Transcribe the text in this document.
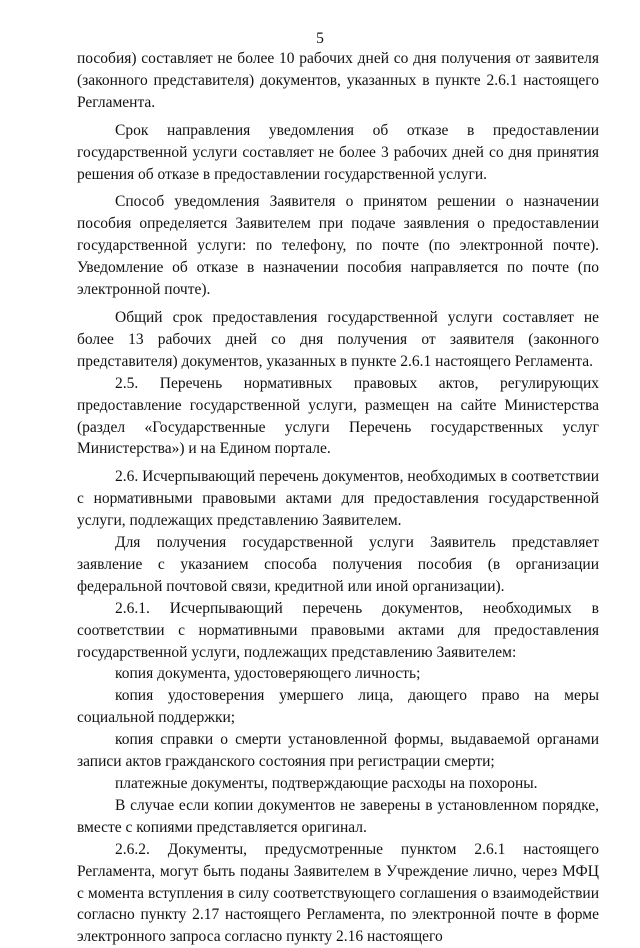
5

пособия) составляет не более 10 рабочих дней со дня получения от заявителя (законного представителя) документов, указанных в пункте 2.6.1 настоящего Регламента.

Срок направления уведомления об отказе в предоставлении государственной услуги составляет не более 3 рабочих дней со дня принятия решения об отказе в предоставлении государственной услуги.

Способ уведомления Заявителя о принятом решении о назначении пособия определяется Заявителем при подаче заявления о предоставлении государственной услуги: по телефону, по почте (по электронной почте). Уведомление об отказе в назначении пособия направляется по почте (по электронной почте).

Общий срок предоставления государственной услуги составляет не более 13 рабочих дней со дня получения от заявителя (законного представителя) документов, указанных в пункте 2.6.1 настоящего Регламента.

2.5. Перечень нормативных правовых актов, регулирующих предоставление государственной услуги, размещен на сайте Министерства (раздел «Государственные услуги Перечень государственных услуг Министерства») и на Едином портале.

2.6. Исчерпывающий перечень документов, необходимых в соответствии с нормативными правовыми актами для предоставления государственной услуги, подлежащих представлению Заявителем.

Для получения государственной услуги Заявитель представляет заявление с указанием способа получения пособия (в организации федеральной почтовой связи, кредитной или иной организации).

2.6.1. Исчерпывающий перечень документов, необходимых в соответствии с нормативными правовыми актами для предоставления государственной услуги, подлежащих представлению Заявителем:

копия документа, удостоверяющего личность;

копия удостоверения умершего лица, дающего право на меры социальной поддержки;

копия справки о смерти установленной формы, выдаваемой органами записи актов гражданского состояния при регистрации смерти;

платежные документы, подтверждающие расходы на похороны.

В случае если копии документов не заверены в установленном порядке, вместе с копиями представляется оригинал.

2.6.2. Документы, предусмотренные пунктом 2.6.1 настоящего Регламента, могут быть поданы Заявителем в Учреждение лично, через МФЦ с момента вступления в силу соответствующего соглашения о взаимодействии согласно пункту 2.17 настоящего Регламента, по электронной почте в форме электронного запроса согласно пункту 2.16 настоящего
